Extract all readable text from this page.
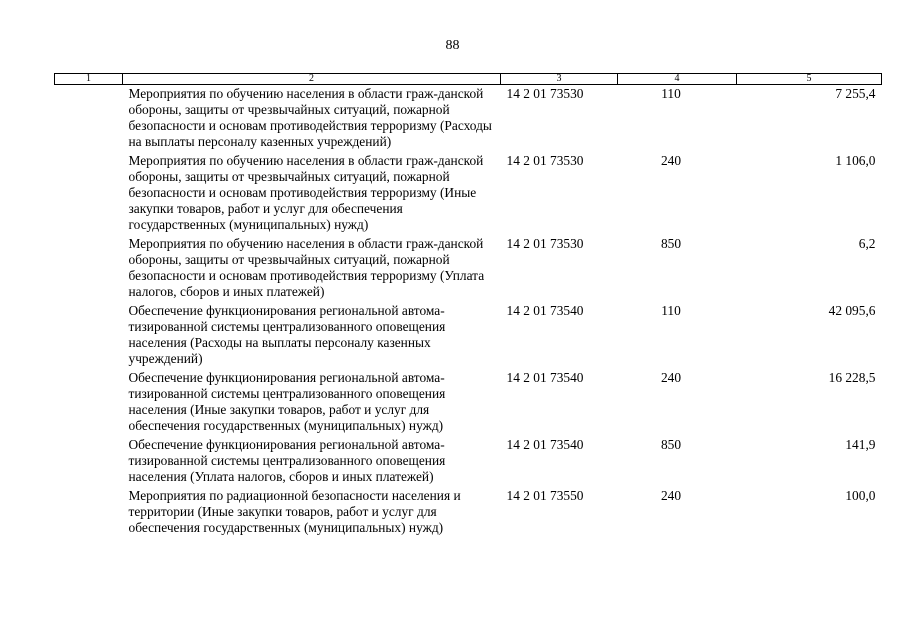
88
1	2	3	4	5
	Мероприятия по обучению населения в области граж-данской обороны, защиты от чрезвычайных ситуаций, пожарной безопасности и основам противодействия терроризму (Расходы на выплаты персоналу казенных учреждений)	14 2 01 73530	110	7 255,4
	Мероприятия по обучению населения в области граж-данской обороны, защиты от чрезвычайных ситуаций, пожарной безопасности и основам противодействия терроризму (Иные закупки товаров, работ и услуг для обеспечения государственных (муниципальных) нужд)	14 2 01 73530	240	1 106,0
	Мероприятия по обучению населения в области граж-данской обороны, защиты от чрезвычайных ситуаций, пожарной безопасности и основам противодействия терроризму (Уплата налогов, сборов и иных платежей)	14 2 01 73530	850	6,2
	Обеспечение функционирования региональной автома-тизированной системы централизованного оповещения населения (Расходы на выплаты персоналу казенных учреждений)	14 2 01 73540	110	42 095,6
	Обеспечение функционирования региональной автома-тизированной системы централизованного оповещения населения (Иные закупки товаров, работ и услуг для обеспечения государственных (муниципальных) нужд)	14 2 01 73540	240	16 228,5
	Обеспечение функционирования региональной автома-тизированной системы централизованного оповещения населения (Уплата налогов, сборов и иных платежей)	14 2 01 73540	850	141,9
	Мероприятия по радиационной безопасности населения и территории (Иные закупки товаров, работ и услуг для обеспечения государственных (муниципальных) нужд)	14 2 01 73550	240	100,0
